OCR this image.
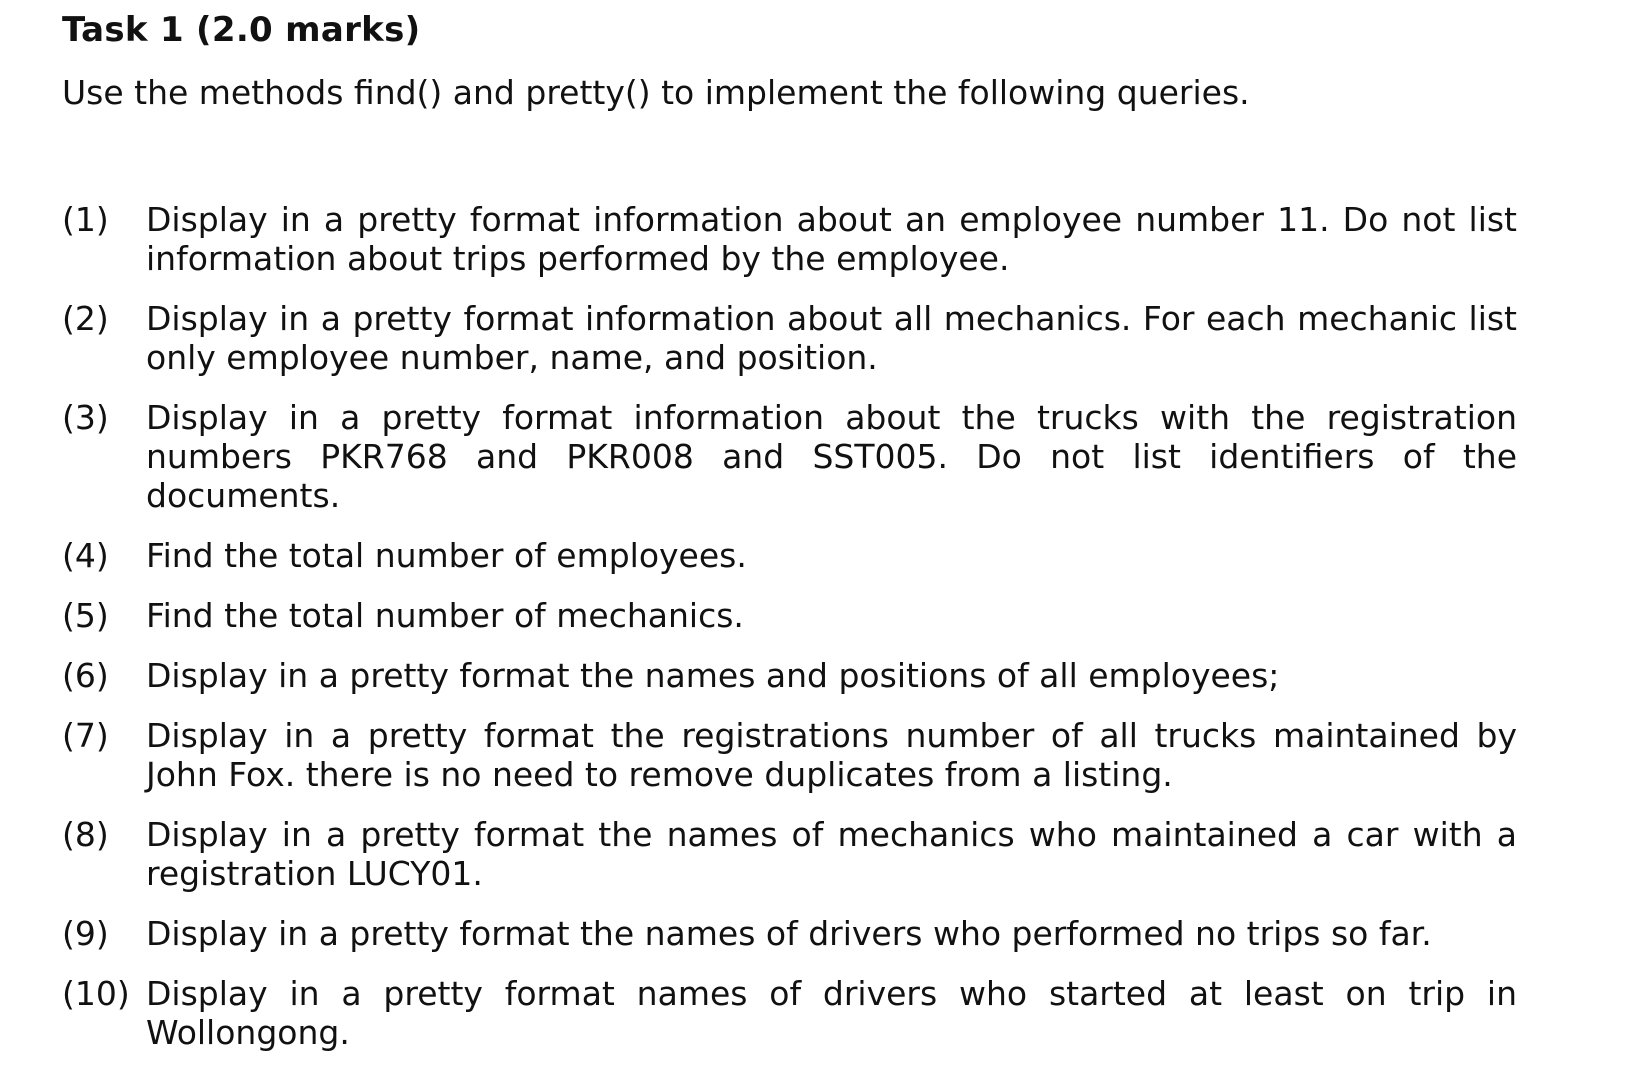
Task 1 (2.0 marks)

Use the methods find() and pretty() to implement the following queries.

(1)	Display in a pretty format information about an employee number 11. Do not list information about trips performed by the employee.
(2)	Display in a pretty format information about all mechanics. For each mechanic list only employee number, name, and position.
(3)	Display in a pretty format information about the trucks with the registration numbers PKR768 and PKR008 and SST005. Do not list identifiers of the documents.
(4)	Find the total number of employees.
(5)	Find the total number of mechanics.
(6)	Display in a pretty format the names and positions of all employees;
(7)	Display in a pretty format the registrations number of all trucks maintained by John Fox. there is no need to remove duplicates from a listing.
(8)	Display in a pretty format the names of mechanics who maintained a car with a registration LUCY01.
(9)	Display in a pretty format the names of drivers who performed no trips so far.
(10) Display in a pretty format names of drivers who started at least on trip in Wollongong.
